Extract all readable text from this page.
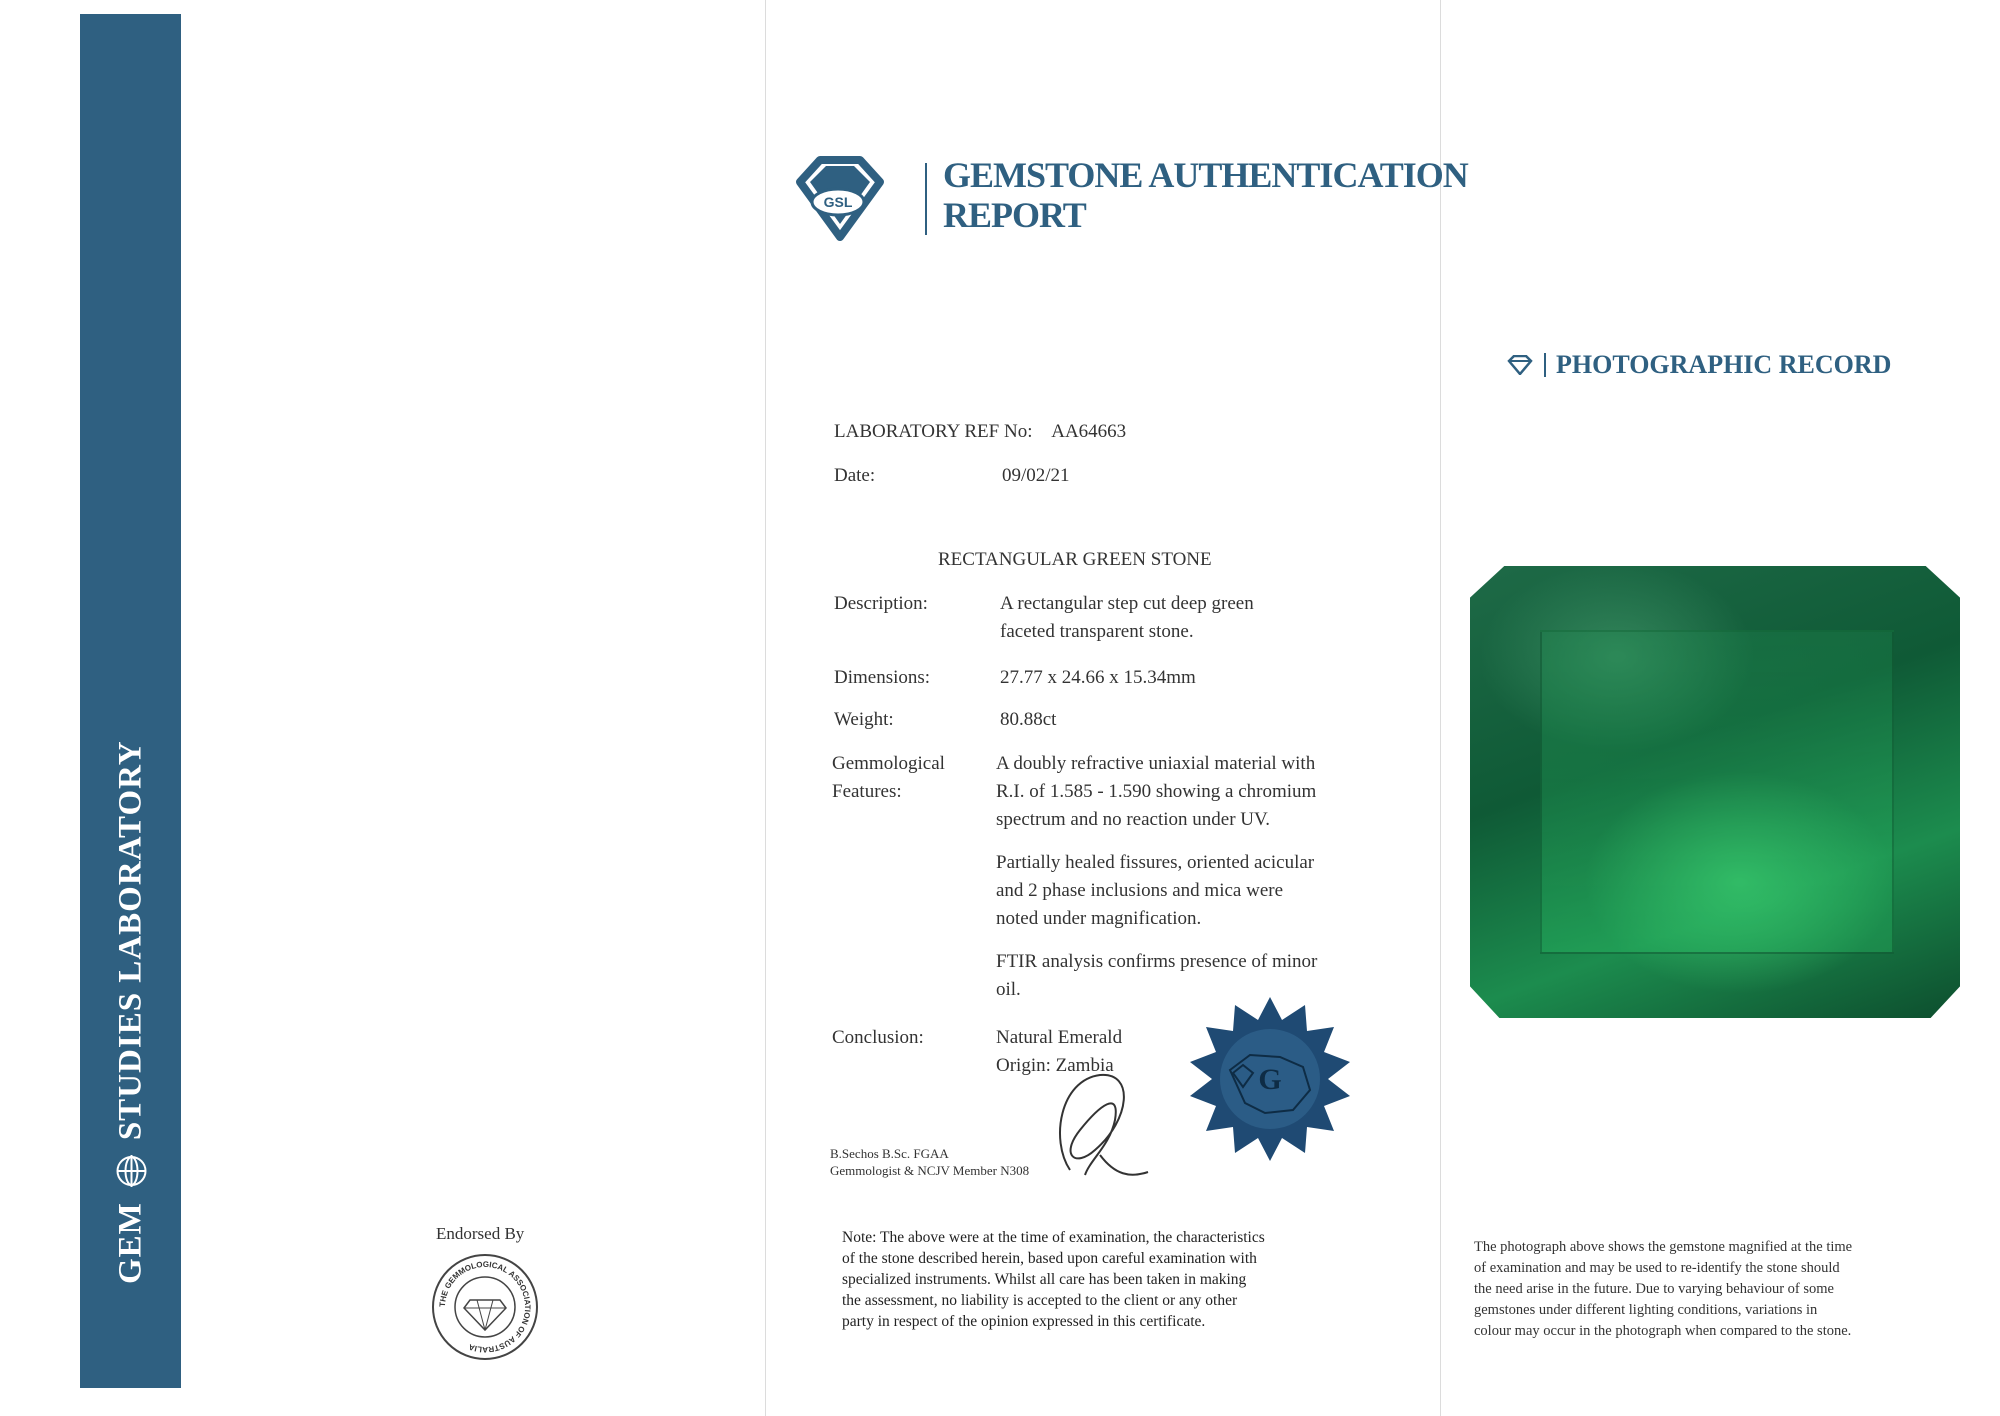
GEM
STUDIES LABORATORY
Endorsed By
THE GEMMOLOGICAL ASSOCIATION OF AUSTRALIA
GSL
GEMSTONE AUTHENTICATION
REPORT
LABORATORY REF No: AA64663
Date:	09/02/21
RECTANGULAR GREEN STONE
Description:	A rectangular step cut deep green
faceted transparent stone.
Dimensions:	27.77 x 24.66 x 15.34mm
Weight:	80.88ct
Gemmological
Features:
A doubly refractive uniaxial material with
R.I. of 1.585 - 1.590 showing a chromium
spectrum and no reaction under UV.
Partially healed fissures, oriented acicular
and 2 phase inclusions and mica were
noted under magnification.
FTIR analysis confirms presence of minor
oil.
Conclusion:	Natural Emerald
Origin: Zambia	G
B.Sechos B.Sc. FGAA
Gemmologist & NCJV Member N308
Note: The above were at the time of examination, the characteristics
of the stone described herein, based upon careful examination with
specialized instruments. Whilst all care has been taken in making
the assessment, no liability is accepted to the client or any other
party in respect of the opinion expressed in this certificate.
PHOTOGRAPHIC RECORD
The photograph above shows the gemstone magnified at the time
of examination and may be used to re-identify the stone should
the need arise in the future. Due to varying behaviour of some
gemstones under different lighting conditions, variations in
colour may occur in the photograph when compared to the stone.
